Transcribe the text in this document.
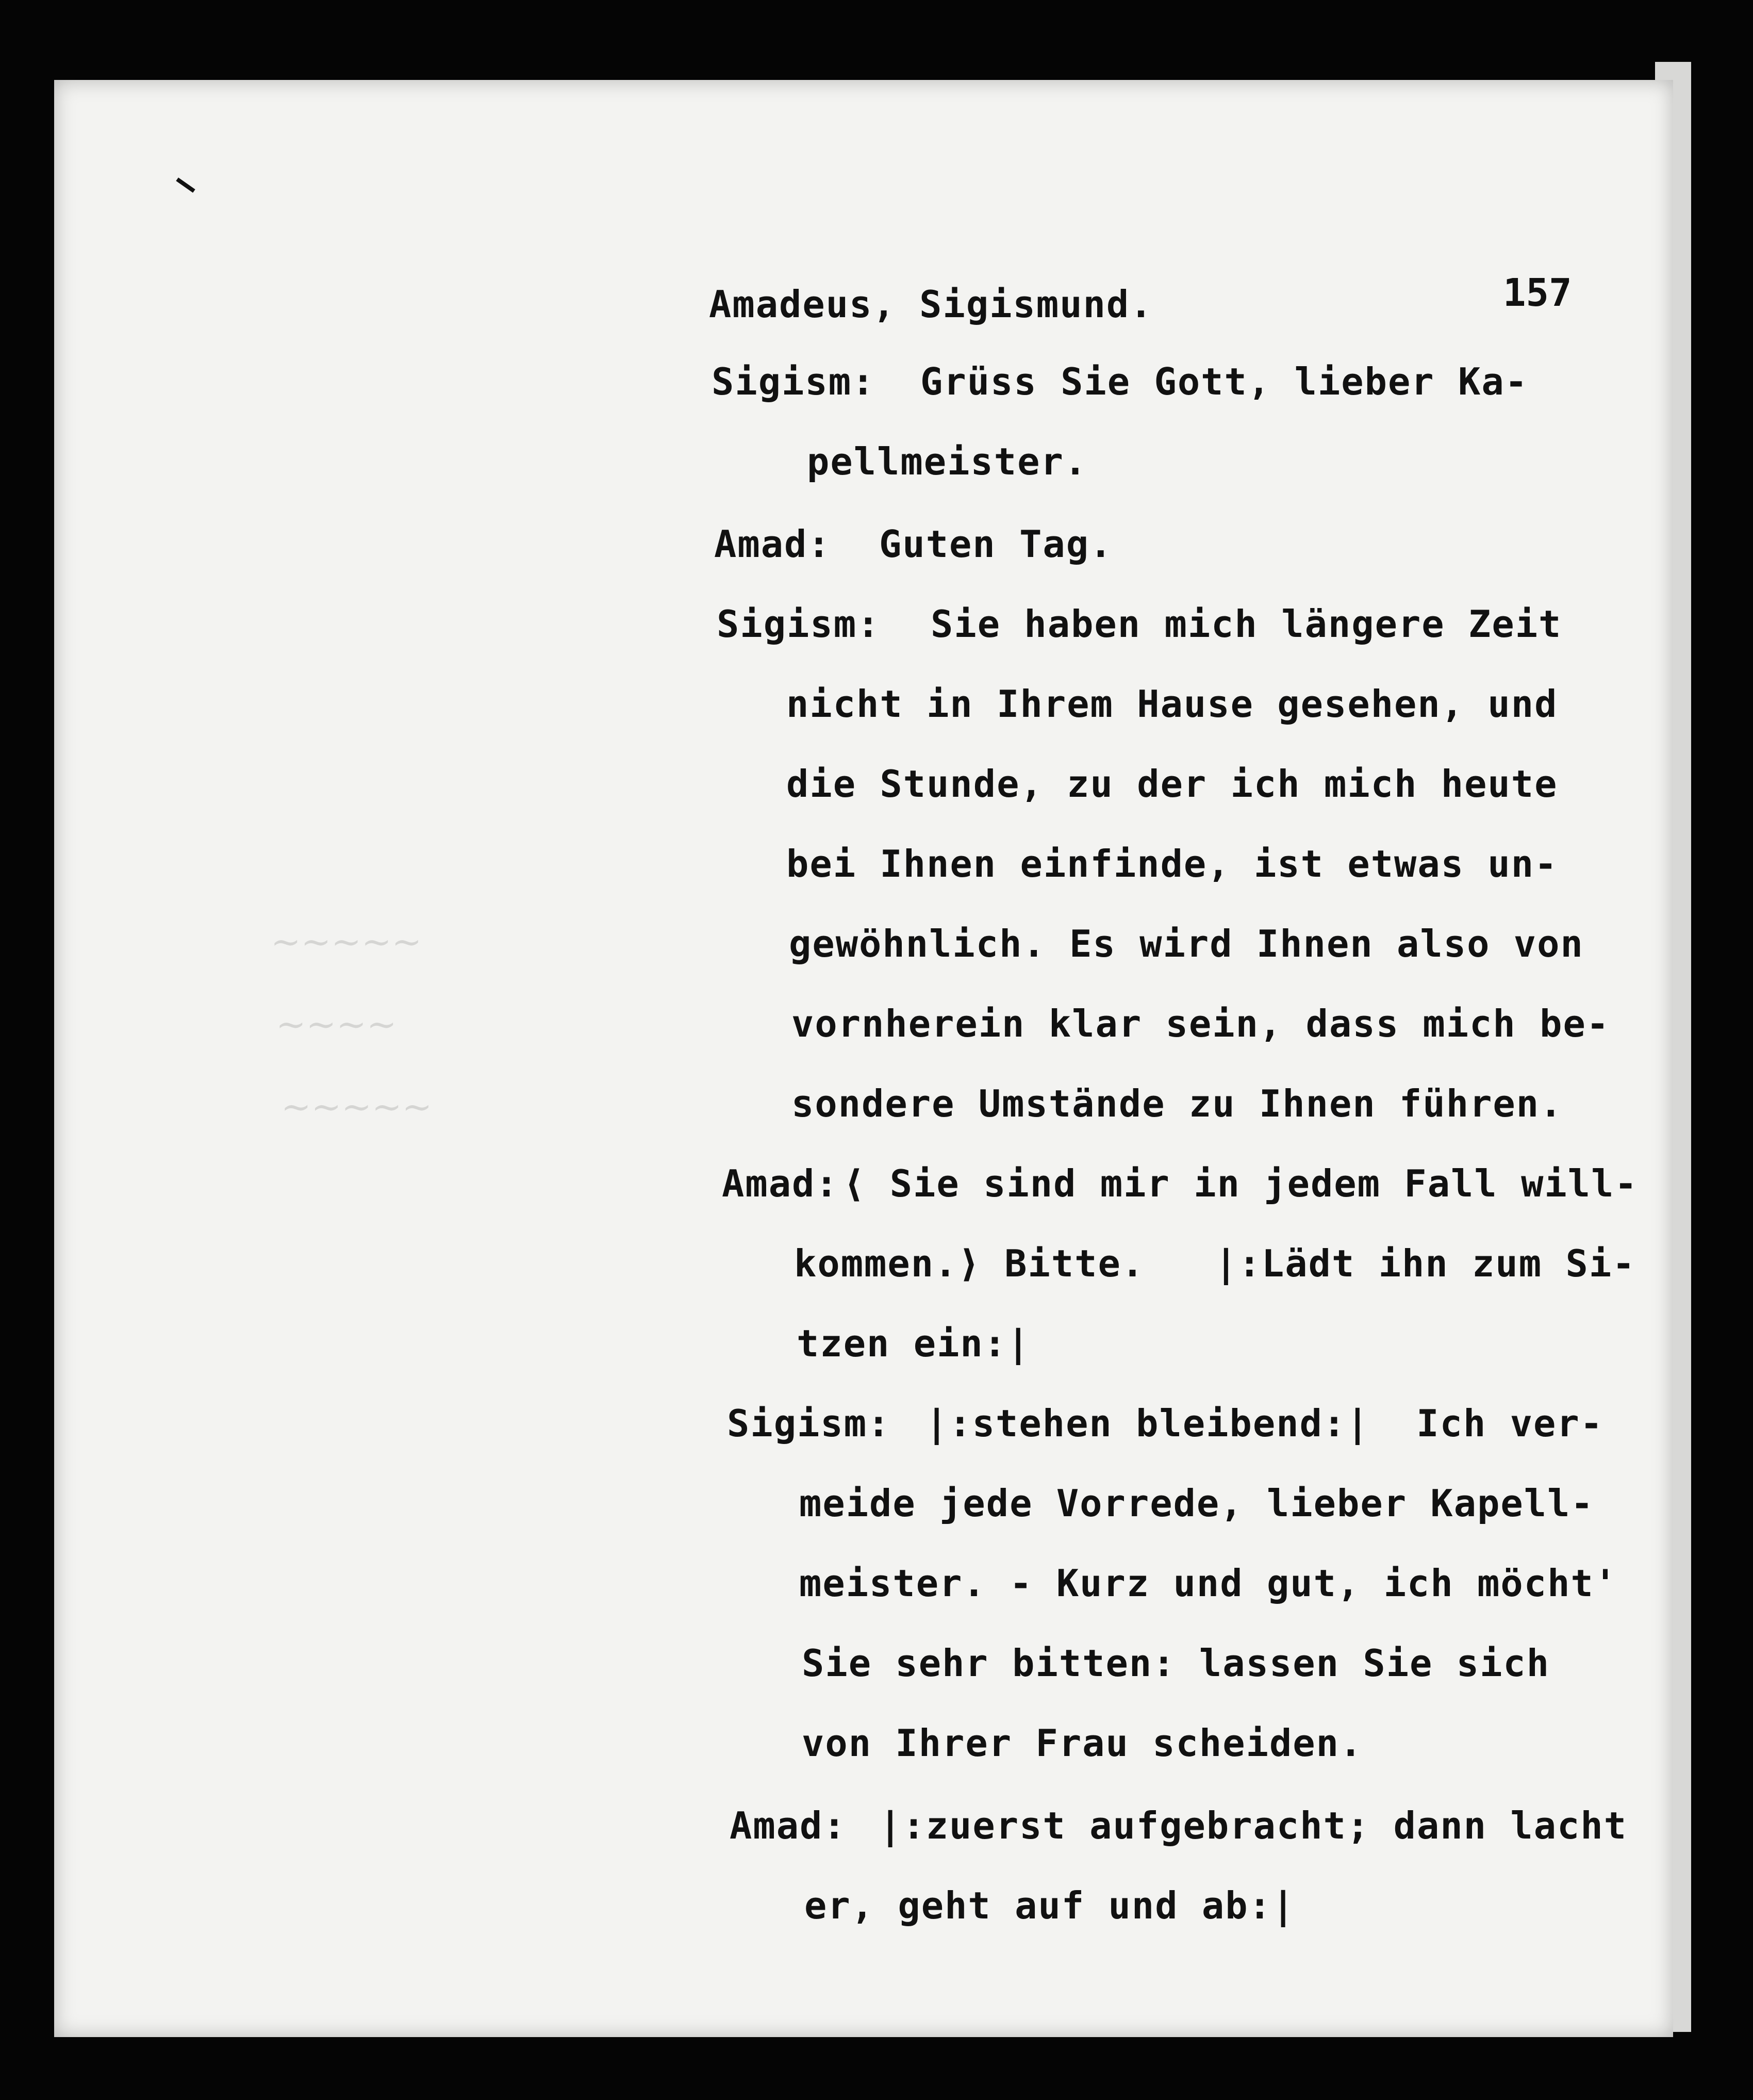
157
Amadeus, Sigismund.
Sigism: Grüss Sie Gott, lieber Ka-
pellmeister.
Amad: Guten Tag.
Sigism: Sie haben mich längere Zeit
nicht in Ihrem Hause gesehen, und
die Stunde, zu der ich mich heute
bei Ihnen einfinde, ist etwas un-
gewöhnlich. Es wird Ihnen also von
vornherein klar sein, dass mich be-
sondere Umstände zu Ihnen führen.
Amad: ⟨ Sie sind mir in jedem Fall will-
kommen.⟩ Bitte.   |:Lädt ihn zum Si-
tzen ein:|
Sigism: |:stehen bleibend:|  Ich ver-
meide jede Vorrede, lieber Kapell-
meister. - Kurz und gut, ich möcht'
Sie sehr bitten: lassen Sie sich
von Ihrer Frau scheiden.
Amad: |:zuerst aufgebracht; dann lacht
er, geht auf und ab:|
~~~~~
~~~~
~~~~~
